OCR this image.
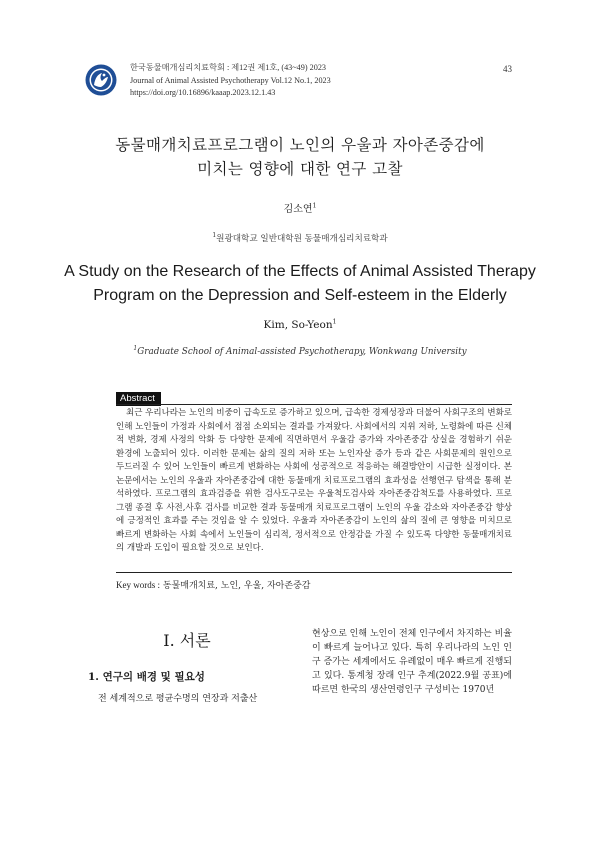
한국동물매개심리치료학회 : 제12권 제1호, (43~49) 2023
Journal of Animal Assisted Psychotherapy Vol.12 No.1, 2023
https://doi.org/10.16896/kaaap.2023.12.1.43
43
동물매개치료프로그램이 노인의 우울과 자아존중감에
미치는 영향에 대한 연구 고찰
김소연$^1$
$^1$원광대학교 일반대학원 동물매개심리치료학과
A Study on the Research of the Effects of Animal Assisted Therapy
Program on the Depression and Self-esteem in the Elderly
Kim, So-Yeon$^1$
$^1$Graduate School of Animal-assisted Psychotherapy, Wonkwang University
Abstract

최근 우리나라는 노인의 비중이 급속도로 증가하고 있으며, 급속한 경제성장과 더불어 사회구조의 변화로 인해 노인들이 가정과 사회에서 점점 소외되는 결과를 가져왔다. 사회에서의 지위 저하, 노령화에 따른 신체적 변화, 경제 사정의 악화 등 다양한 문제에 직면하면서 우울감 증가와 자아존중감 상실을 경험하기 쉬운 환경에 노출되어 있다. 이러한 문제는 삶의 질의 저하 또는 노인자살 증가 등과 같은 사회문제의 원인으로 두드러질 수 있어 노인들이 빠르게 변화하는 사회에 성공적으로 적응하는 해결방안이 시급한 실정이다. 본 논문에서는 노인의 우울과 자아존중감에 대한 동물매개 치료프로그램의 효과성을 선행연구 탐색을 통해 분석하였다. 프로그램의 효과검증을 위한 검사도구로는 우울척도검사와 자아존중감척도를 사용하였다. 프로그램 종결 후 사전,사후 검사를 비교한 결과 동물매개 치료프로그램이 노인의 우울 감소와 자아존중감 향상에 긍정적인 효과를 주는 것임을 알 수 있었다. 우울과 자아존중감이 노인의 삶의 질에 큰 영향을 미치므로 빠르게 변화하는 사회 속에서 노인들이 심리적, 정서적으로 안정감을 가질 수 있도록 다양한 동물매개치료의 개발과 도입이 필요할 것으로 보인다.

Key words : 동물매개치료, 노인, 우울, 자아존중감
Ⅰ. 서론
1. 연구의 배경 및 필요성
전 세계적으로 평균수명의 연장과 저출산
현상으로 인해 노인이 전체 인구에서 차지하는 비율이 빠르게 늘어나고 있다. 특히 우리나라의 노인 인구 증가는 세계에서도 유례없이 매우 빠르게 진행되고 있다. 통계청 장래 인구 추계(2022.9월 공표)에 따르면 한국의 생산연령인구 구성비는 1970년
